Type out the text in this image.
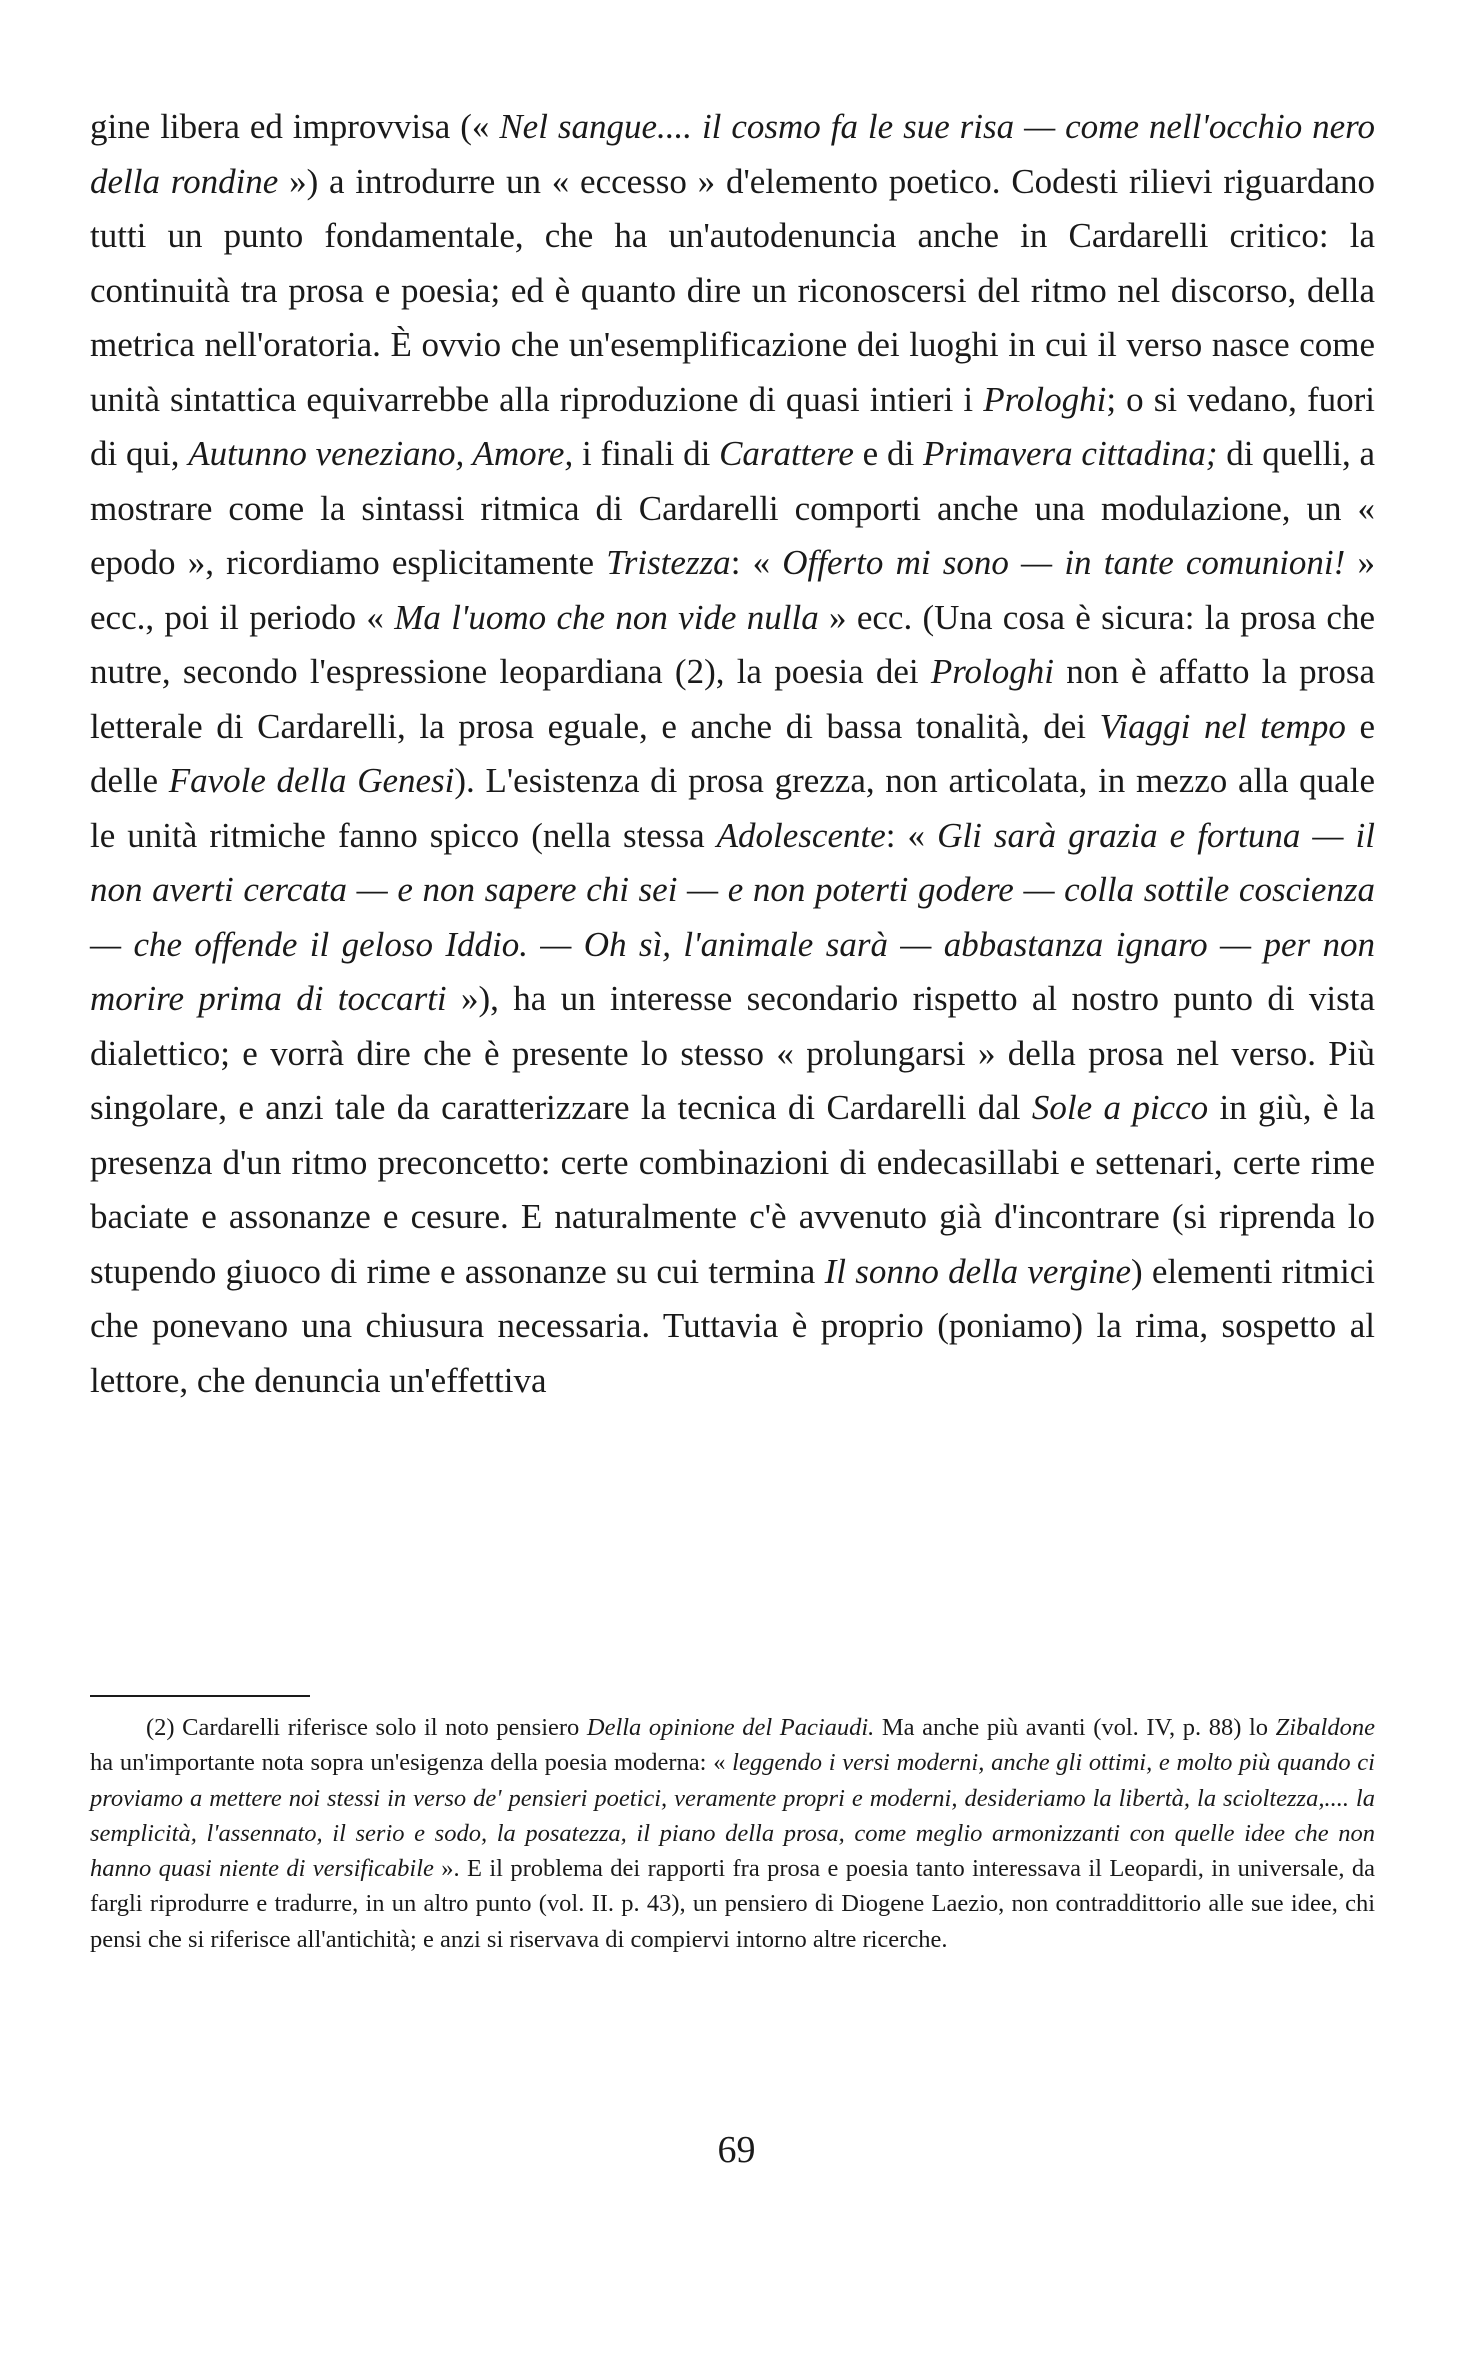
gine libera ed improvvisa (« Nel sangue.... il cosmo fa le sue risa — come nell'occhio nero della rondine ») a introdurre un « eccesso » d'elemento poetico. Codesti rilievi riguardano tutti un punto fondamentale, che ha un'autodenuncia anche in Cardarelli critico: la continuità tra prosa e poesia; ed è quanto dire un riconoscersi del ritmo nel discorso, della metrica nell'oratoria. È ovvio che un'esemplificazione dei luoghi in cui il verso nasce come unità sintattica equivarrebbe alla riproduzione di quasi intieri i Prologhi; o si vedano, fuori di qui, Autunno veneziano, Amore, i finali di Carattere e di Primavera cittadina; di quelli, a mostrare come la sintassi ritmica di Cardarelli comporti anche una modulazione, un « epodo », ricordiamo esplicitamente Tristezza: « Offerto mi sono — in tante comunioni! » ecc., poi il periodo « Ma l'uomo che non vide nulla » ecc. (Una cosa è sicura: la prosa che nutre, secondo l'espressione leopardiana (2), la poesia dei Prologhi non è affatto la prosa letterale di Cardarelli, la prosa eguale, e anche di bassa tonalità, dei Viaggi nel tempo e delle Favole della Genesi). L'esistenza di prosa grezza, non articolata, in mezzo alla quale le unità ritmiche fanno spicco (nella stessa Adolescente: « Gli sarà grazia e fortuna — il non averti cercata — e non sapere chi sei — e non poterti godere — colla sottile coscienza — che offende il geloso Iddio. — Oh sì, l'animale sarà — abbastanza ignaro — per non morire prima di toccarti »), ha un interesse secondario rispetto al nostro punto di vista dialettico; e vorrà dire che è presente lo stesso « prolungarsi » della prosa nel verso. Più singolare, e anzi tale da caratterizzare la tecnica di Cardarelli dal Sole a picco in giù, è la presenza d'un ritmo preconcetto: certe combinazioni di endecasillabi e settenari, certe rime baciate e assonanze e cesure. E naturalmente c'è avvenuto già d'incontrare (si riprenda lo stupendo giuoco di rime e assonanze su cui termina Il sonno della vergine) elementi ritmici che ponevano una chiusura necessaria. Tuttavia è proprio (poniamo) la rima, sospetto al lettore, che denuncia un'effettiva

(2) Cardarelli riferisce solo il noto pensiero Della opinione del Paciaudi. Ma anche più avanti (vol. IV, p. 88) lo Zibaldone ha un'importante nota sopra un'esigenza della poesia moderna: « leggendo i versi moderni, anche gli ottimi, e molto più quando ci proviamo a mettere noi stessi in verso de' pensieri poetici, veramente propri e moderni, desideriamo la libertà, la scioltezza,.... la semplicità, l'assennato, il serio e sodo, la posatezza, il piano della prosa, come meglio armonizzanti con quelle idee che non hanno quasi niente di versificabile ». E il problema dei rapporti fra prosa e poesia tanto interessava il Leopardi, in universale, da fargli riprodurre e tradurre, in un altro punto (vol. II. p. 43), un pensiero di Diogene Laezio, non contraddittorio alle sue idee, chi pensi che si riferisce all'antichità; e anzi si riservava di compiervi intorno altre ricerche.

69
